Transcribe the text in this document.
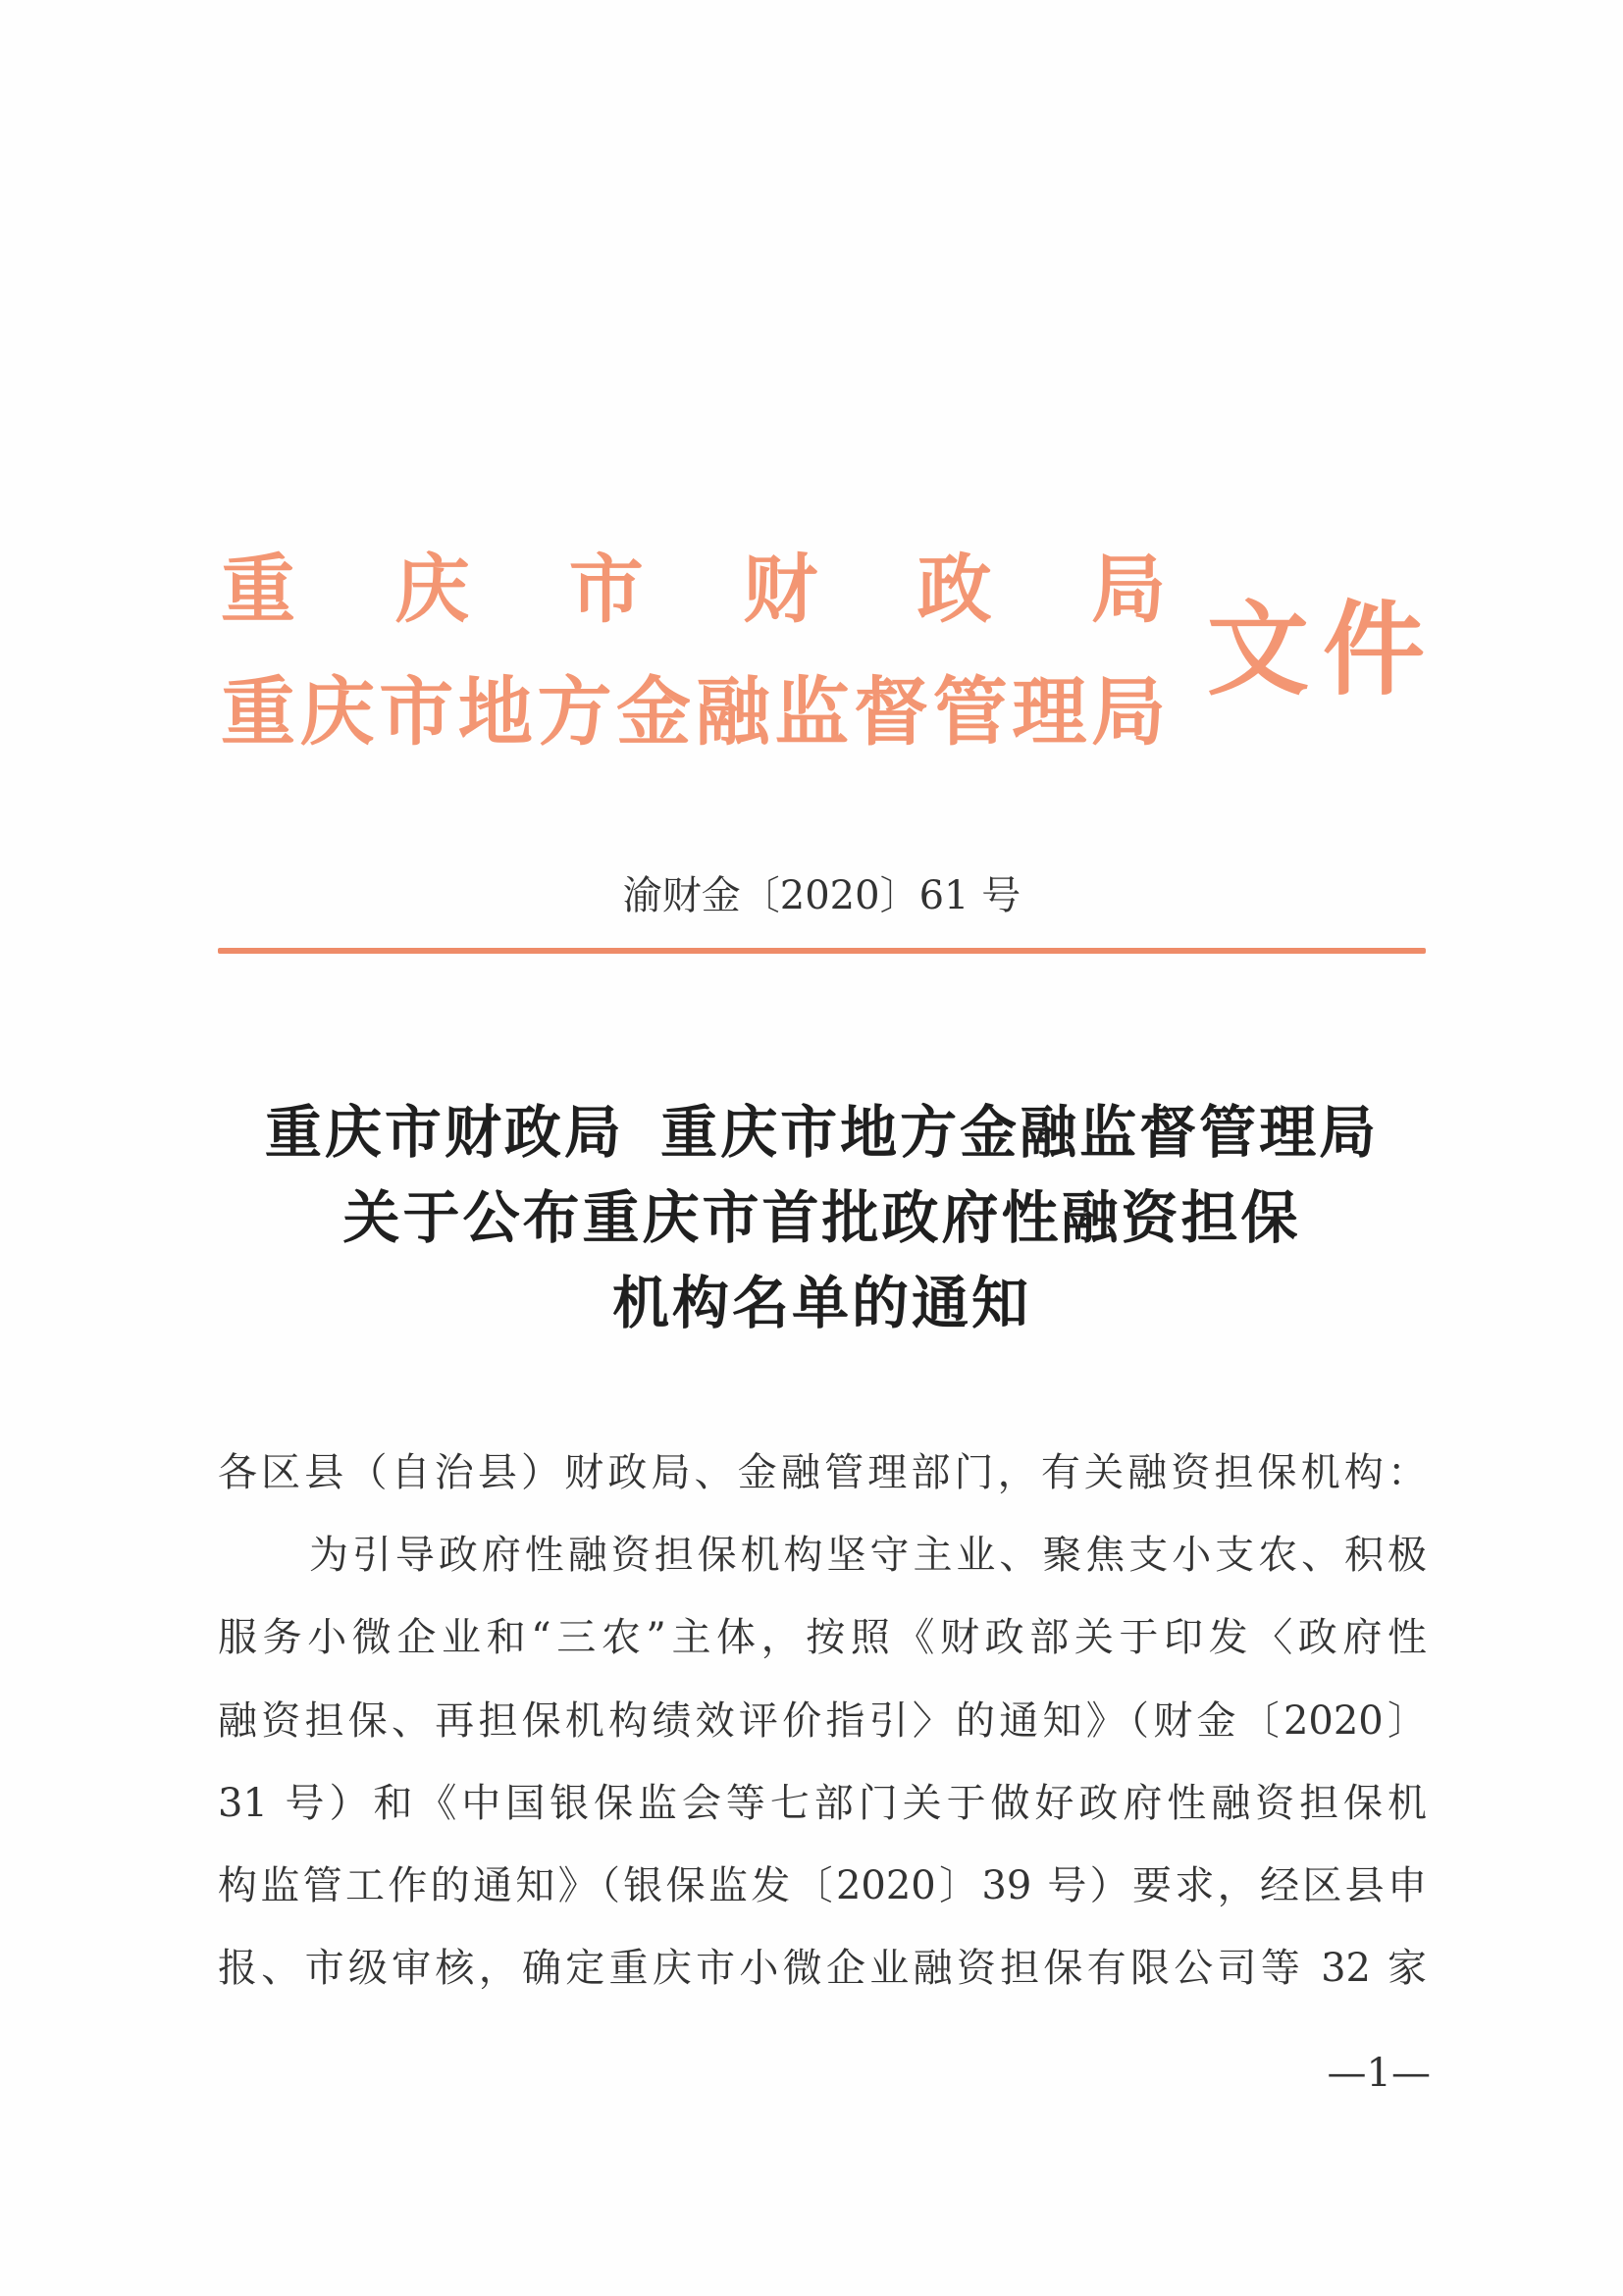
重 庆 市 财 政 局
重庆市地方金融监督管理局
文件
渝财金〔2020〕61 号
重庆市财政局 重庆市地方金融监督管理局
关于公布重庆市首批政府性融资担保
机构名单的通知
各区县（自治县）财政局、金融管理部门，有关融资担保机构：
为引导政府性融资担保机构坚守主业、聚焦支小支农、积极
服务小微企业和“三农”主体，按照《财政部关于印发〈政府性
融资担保、再担保机构绩效评价指引〉的通知》（财金〔2020〕
31 号）和《中国银保监会等七部门关于做好政府性融资担保机
构监管工作的通知》（银保监发〔2020〕39 号）要求，经区县申
报、市级审核，确定重庆市小微企业融资担保有限公司等 32 家
—1—
